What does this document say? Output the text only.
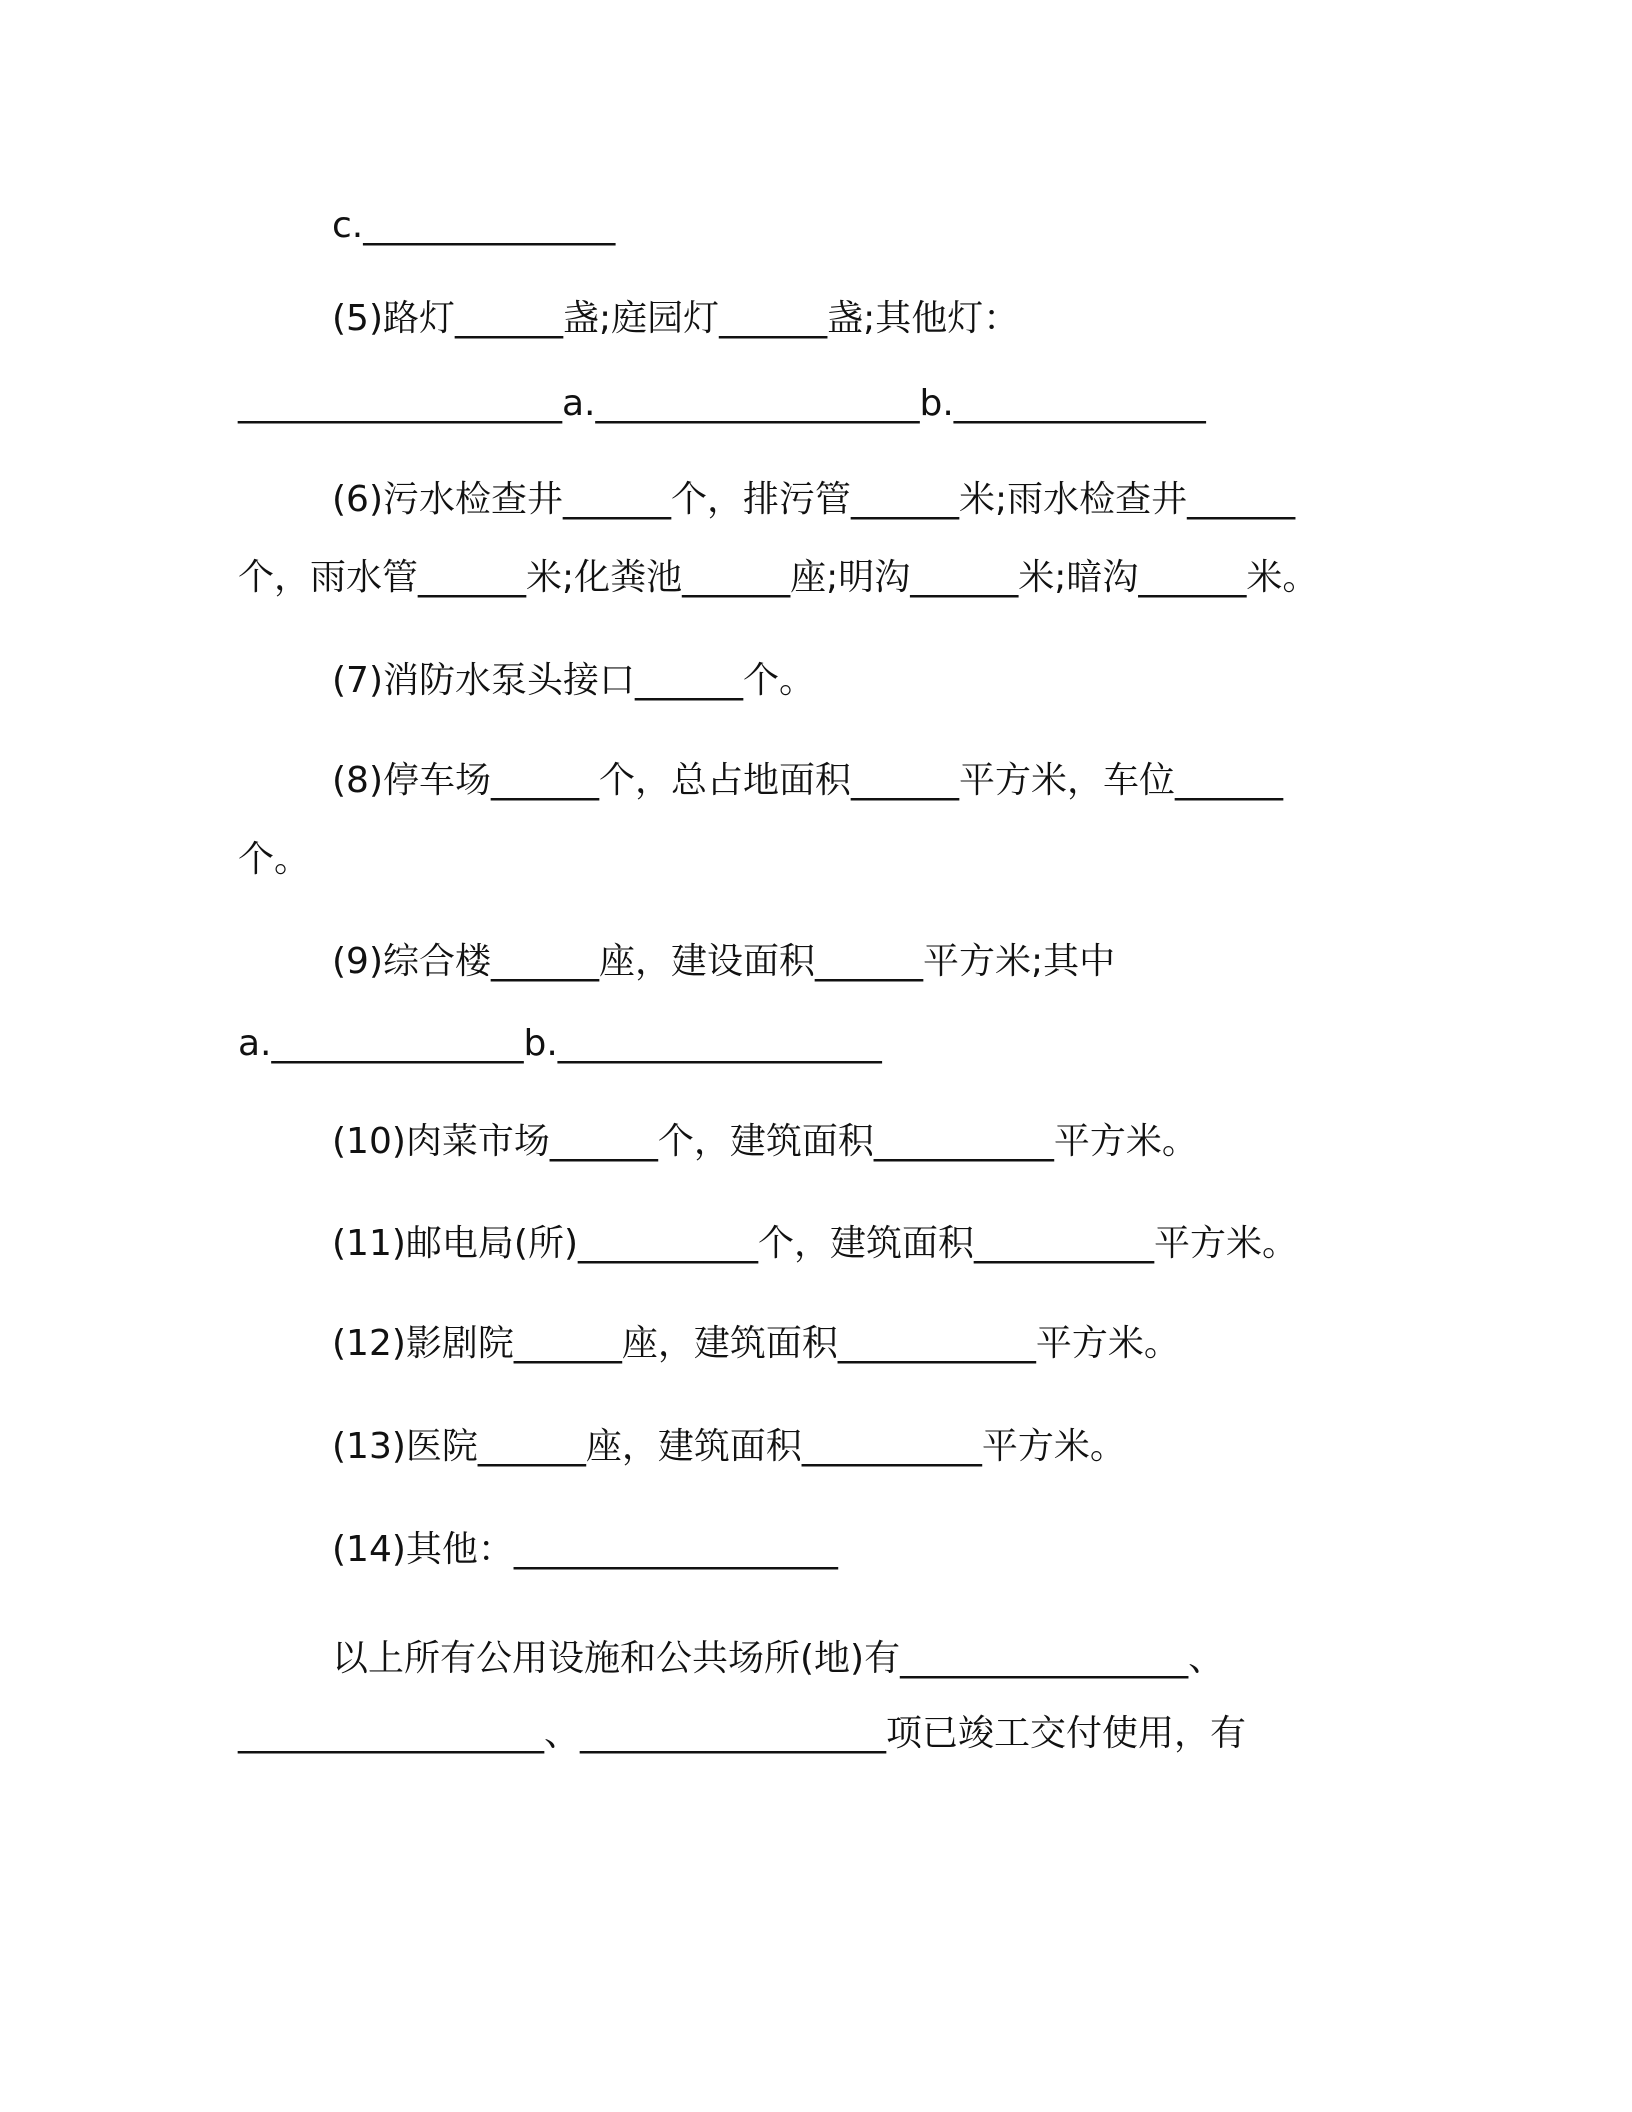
c.______________
(5)路灯______盏;庭园灯______盏;其他灯：
__________________a.__________________b.______________
(6)污水检查井______个，排污管______米;雨水检查井______
个，雨水管______米;化粪池______座;明沟______米;暗沟______米。
(7)消防水泵头接口______个。
(8)停车场______个，总占地面积______平方米，车位______
个。
(9)综合楼______座，建设面积______平方米;其中
a.______________b.__________________
(10)肉菜市场______个，建筑面积__________平方米。
(11)邮电局(所)__________个，建筑面积__________平方米。
(12)影剧院______座，建筑面积___________平方米。
(13)医院______座，建筑面积__________平方米。
(14)其他：__________________
以上所有公用设施和公共场所(地)有________________、
_________________、_________________项已竣工交付使用，有
